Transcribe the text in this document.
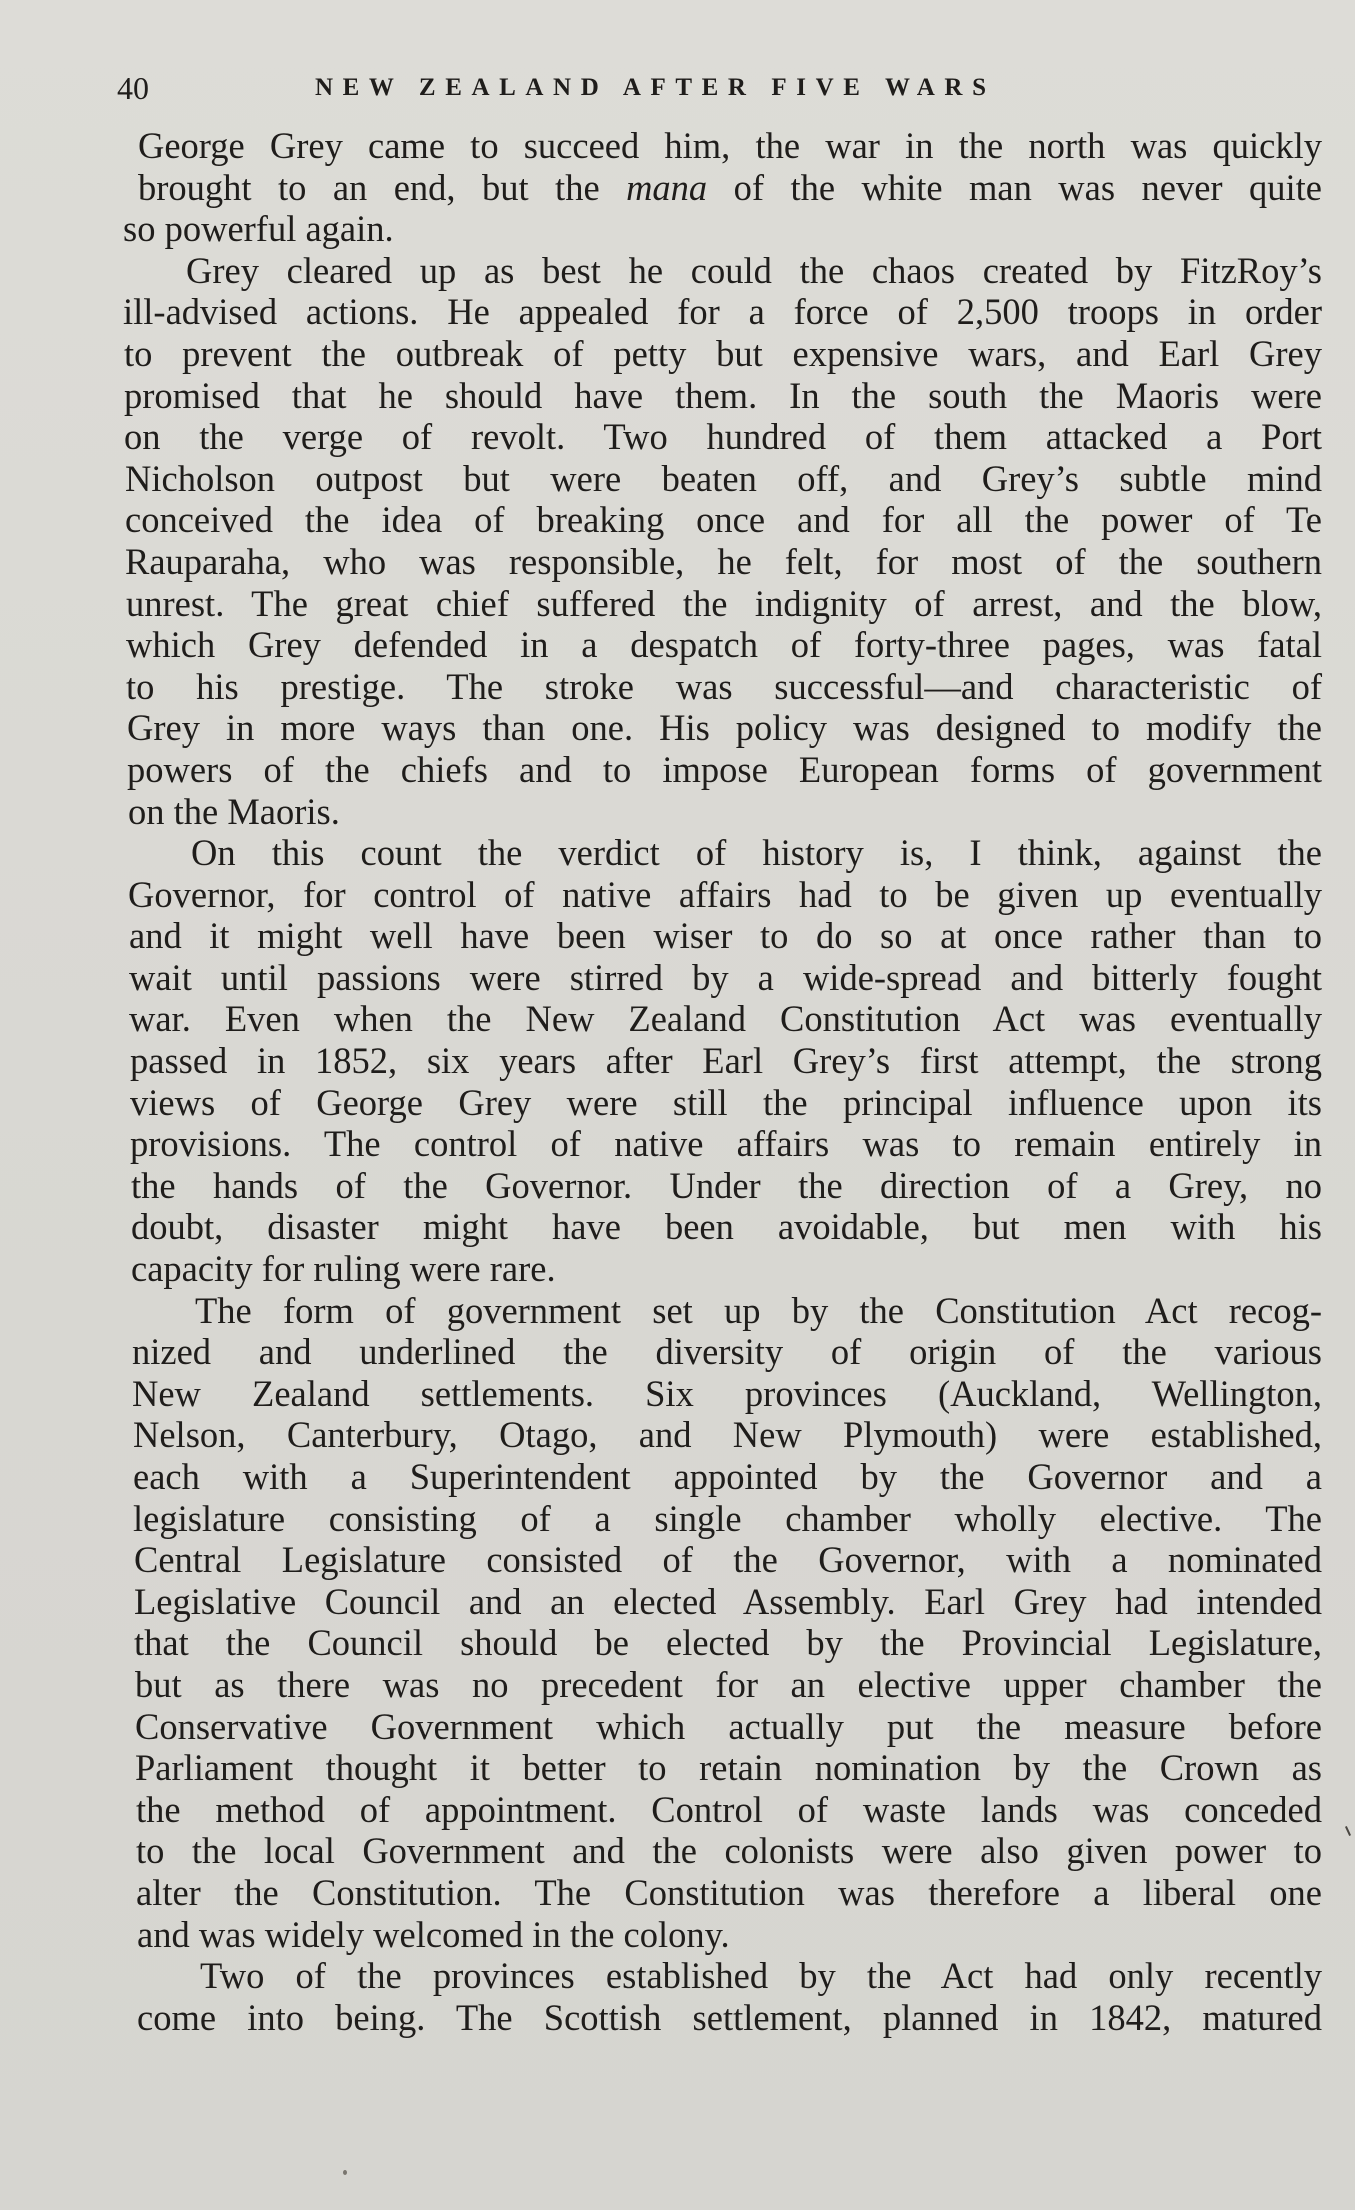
40	NEW ZEALAND AFTER FIVE WARS
George Grey came to succeed him, the war in the north was quickly
brought to an end, but the mana of the white man was never quite
so powerful again.
Grey cleared up as best he could the chaos created by FitzRoy’s
ill-advised actions. He appealed for a force of 2,500 troops in order
to prevent the outbreak of petty but expensive wars, and Earl Grey
promised that he should have them. In the south the Maoris were
on the verge of revolt. Two hundred of them attacked a Port
Nicholson outpost but were beaten off, and Grey’s subtle mind
conceived the idea of breaking once and for all the power of Te
Rauparaha, who was responsible, he felt, for most of the southern
unrest. The great chief suffered the indignity of arrest, and the blow,
which Grey defended in a despatch of forty-three pages, was fatal
to his prestige. The stroke was successful—and characteristic of
Grey in more ways than one. His policy was designed to modify the
powers of the chiefs and to impose European forms of government
on the Maoris.
On this count the verdict of history is, I think, against the
Governor, for control of native affairs had to be given up eventually
and it might well have been wiser to do so at once rather than to
wait until passions were stirred by a wide-spread and bitterly fought
war. Even when the New Zealand Constitution Act was eventually
passed in 1852, six years after Earl Grey’s first attempt, the strong
views of George Grey were still the principal influence upon its
provisions. The control of native affairs was to remain entirely in
the hands of the Governor. Under the direction of a Grey, no
doubt, disaster might have been avoidable, but men with his
capacity for ruling were rare.
The form of government set up by the Constitution Act recog-
nized and underlined the diversity of origin of the various
New Zealand settlements. Six provinces (Auckland, Wellington,
Nelson, Canterbury, Otago, and New Plymouth) were established,
each with a Superintendent appointed by the Governor and a
legislature consisting of a single chamber wholly elective. The
Central Legislature consisted of the Governor, with a nominated
Legislative Council and an elected Assembly. Earl Grey had intended
that the Council should be elected by the Provincial Legislature,
but as there was no precedent for an elective upper chamber the
Conservative Government which actually put the measure before
Parliament thought it better to retain nomination by the Crown as
the method of appointment. Control of waste lands was conceded
to the local Government and the colonists were also given power to
alter the Constitution. The Constitution was therefore a liberal one
and was widely welcomed in the colony.
Two of the provinces established by the Act had only recently
come into being. The Scottish settlement, planned in 1842, matured
